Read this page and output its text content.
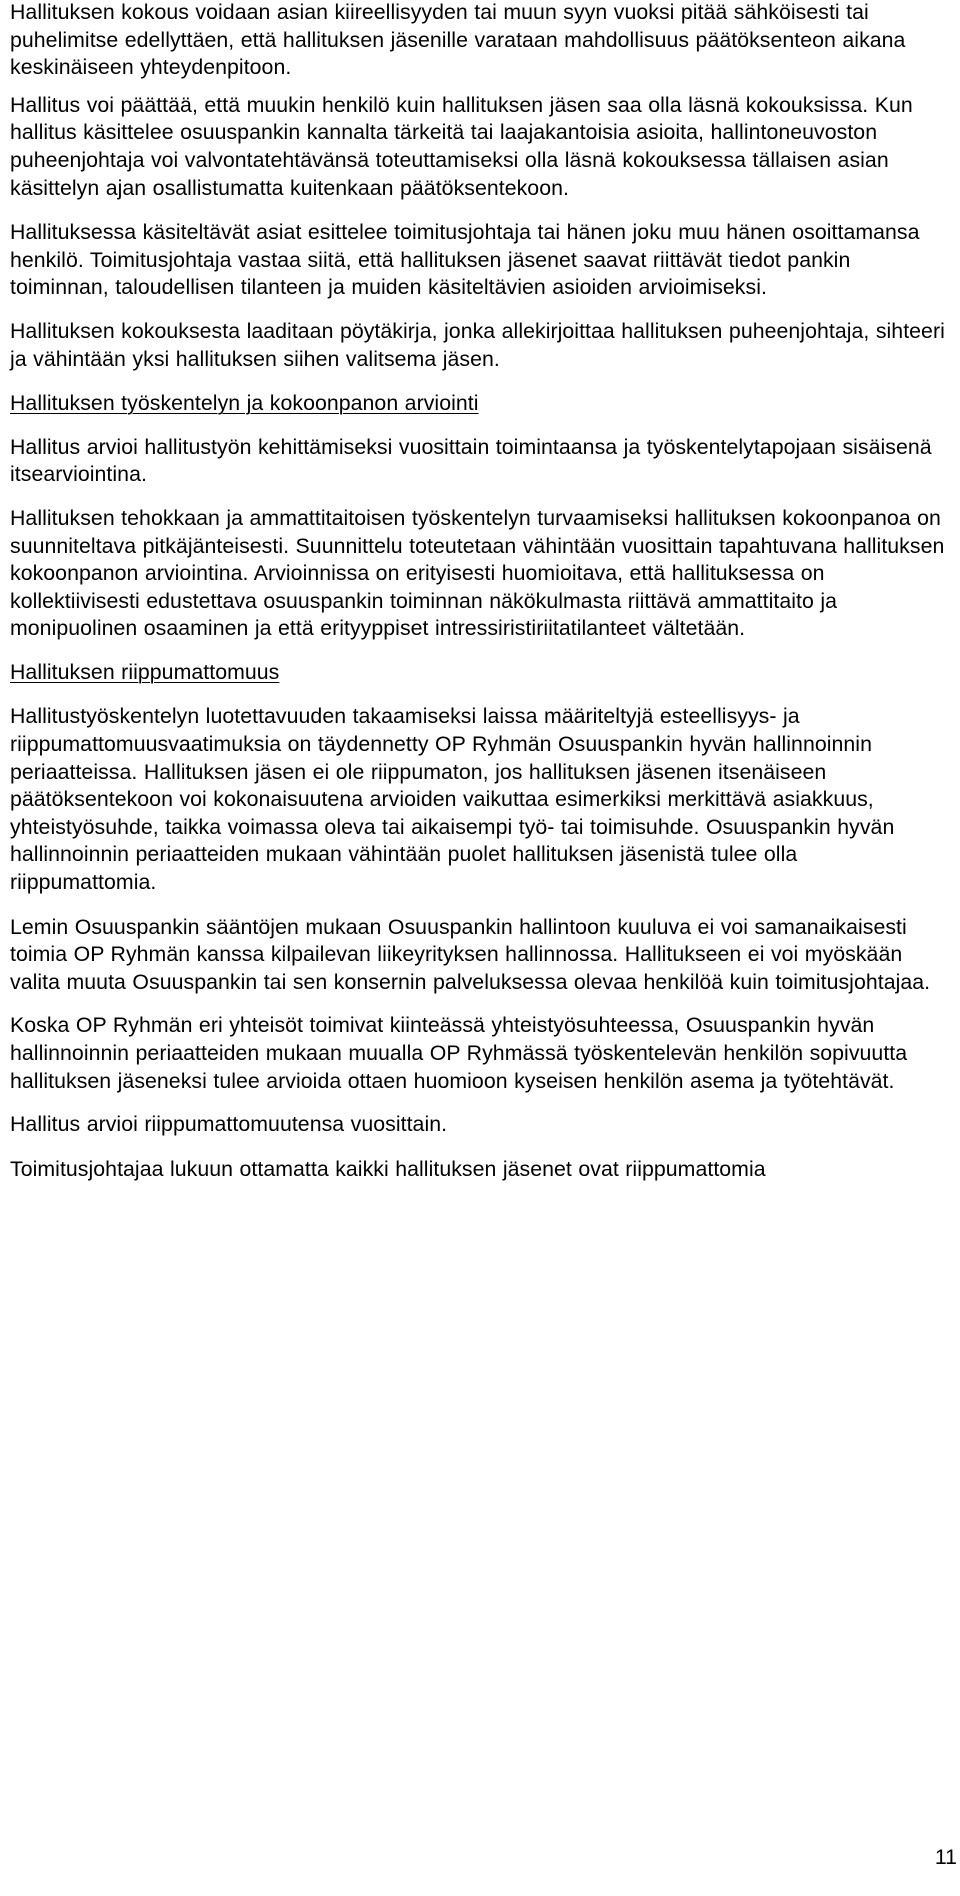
Hallituksen kokous voidaan asian kiireellisyyden tai muun syyn vuoksi pitää sähköisesti tai puhelimitse edellyttäen, että hallituksen jäsenille varataan mahdollisuus päätöksenteon aikana keskinäiseen yhteydenpitoon.

Hallitus voi päättää, että muukin henkilö kuin hallituksen jäsen saa olla läsnä kokouksissa. Kun hallitus käsittelee osuuspankin kannalta tärkeitä tai laajakantoisia asioita, hallintoneuvoston puheenjohtaja voi valvontatehtävänsä toteuttamiseksi olla läsnä kokouksessa tällaisen asian käsittelyn ajan osallistumatta kuitenkaan päätöksentekoon.

Hallituksessa käsiteltävät asiat esittelee toimitusjohtaja tai hänen joku muu hänen osoittamansa henkilö. Toimitusjohtaja vastaa siitä, että hallituksen jäsenet saavat riittävät tiedot pankin toiminnan, taloudellisen tilanteen ja muiden käsiteltävien asioiden arvioimiseksi.

Hallituksen kokouksesta laaditaan pöytäkirja, jonka allekirjoittaa hallituksen puheenjohtaja, sihteeri ja vähintään yksi hallituksen siihen valitsema jäsen.

Hallituksen työskentelyn ja kokoonpanon arviointi

Hallitus arvioi hallitustyön kehittämiseksi vuosittain toimintaansa ja työskentelytapojaan sisäisenä itsearviointina.

Hallituksen tehokkaan ja ammattitaitoisen työskentelyn turvaamiseksi hallituksen kokoonpanoa on suunniteltava pitkäjänteisesti. Suunnittelu toteutetaan vähintään vuosittain tapahtuvana hallituksen kokoonpanon arviointina. Arvioinnissa on erityisesti huomioitava, että hallituksessa on kollektiivisesti edustettava osuuspankin toiminnan näkökulmasta riittävä ammattitaito ja monipuolinen osaaminen ja että erityyppiset intressiristiriitatilanteet vältetään.

Hallituksen riippumattomuus

Hallitustyöskentelyn luotettavuuden takaamiseksi laissa määriteltyjä esteellisyys- ja riippumattomuusvaatimuksia on täydennetty OP Ryhmän Osuuspankin hyvän hallinnoinnin periaatteissa. Hallituksen jäsen ei ole riippumaton, jos hallituksen jäsenen itsenäiseen päätöksentekoon voi kokonaisuutena arvioiden vaikuttaa esimerkiksi merkittävä asiakkuus, yhteistyösuhde, taikka voimassa oleva tai aikaisempi työ- tai toimisuhde. Osuuspankin hyvän hallinnoinnin periaatteiden mukaan vähintään puolet hallituksen jäsenistä tulee olla riippumattomia.

Lemin Osuuspankin sääntöjen mukaan Osuuspankin hallintoon kuuluva ei voi samanaikaisesti toimia OP Ryhmän kanssa kilpailevan liikeyrityksen hallinnossa. Hallitukseen ei voi myöskään valita muuta Osuuspankin tai sen konsernin palveluksessa olevaa henkilöä kuin toimitusjohtajaa.

Koska OP Ryhmän eri yhteisöt toimivat kiinteässä yhteistyösuhteessa, Osuuspankin hyvän hallinnoinnin periaatteiden mukaan muualla OP Ryhmässä työskentelevän henkilön sopivuutta hallituksen jäseneksi tulee arvioida ottaen huomioon kyseisen henkilön asema ja työtehtävät.

Hallitus arvioi riippumattomuutensa vuosittain.

Toimitusjohtajaa lukuun ottamatta kaikki hallituksen jäsenet ovat riippumattomia

11
